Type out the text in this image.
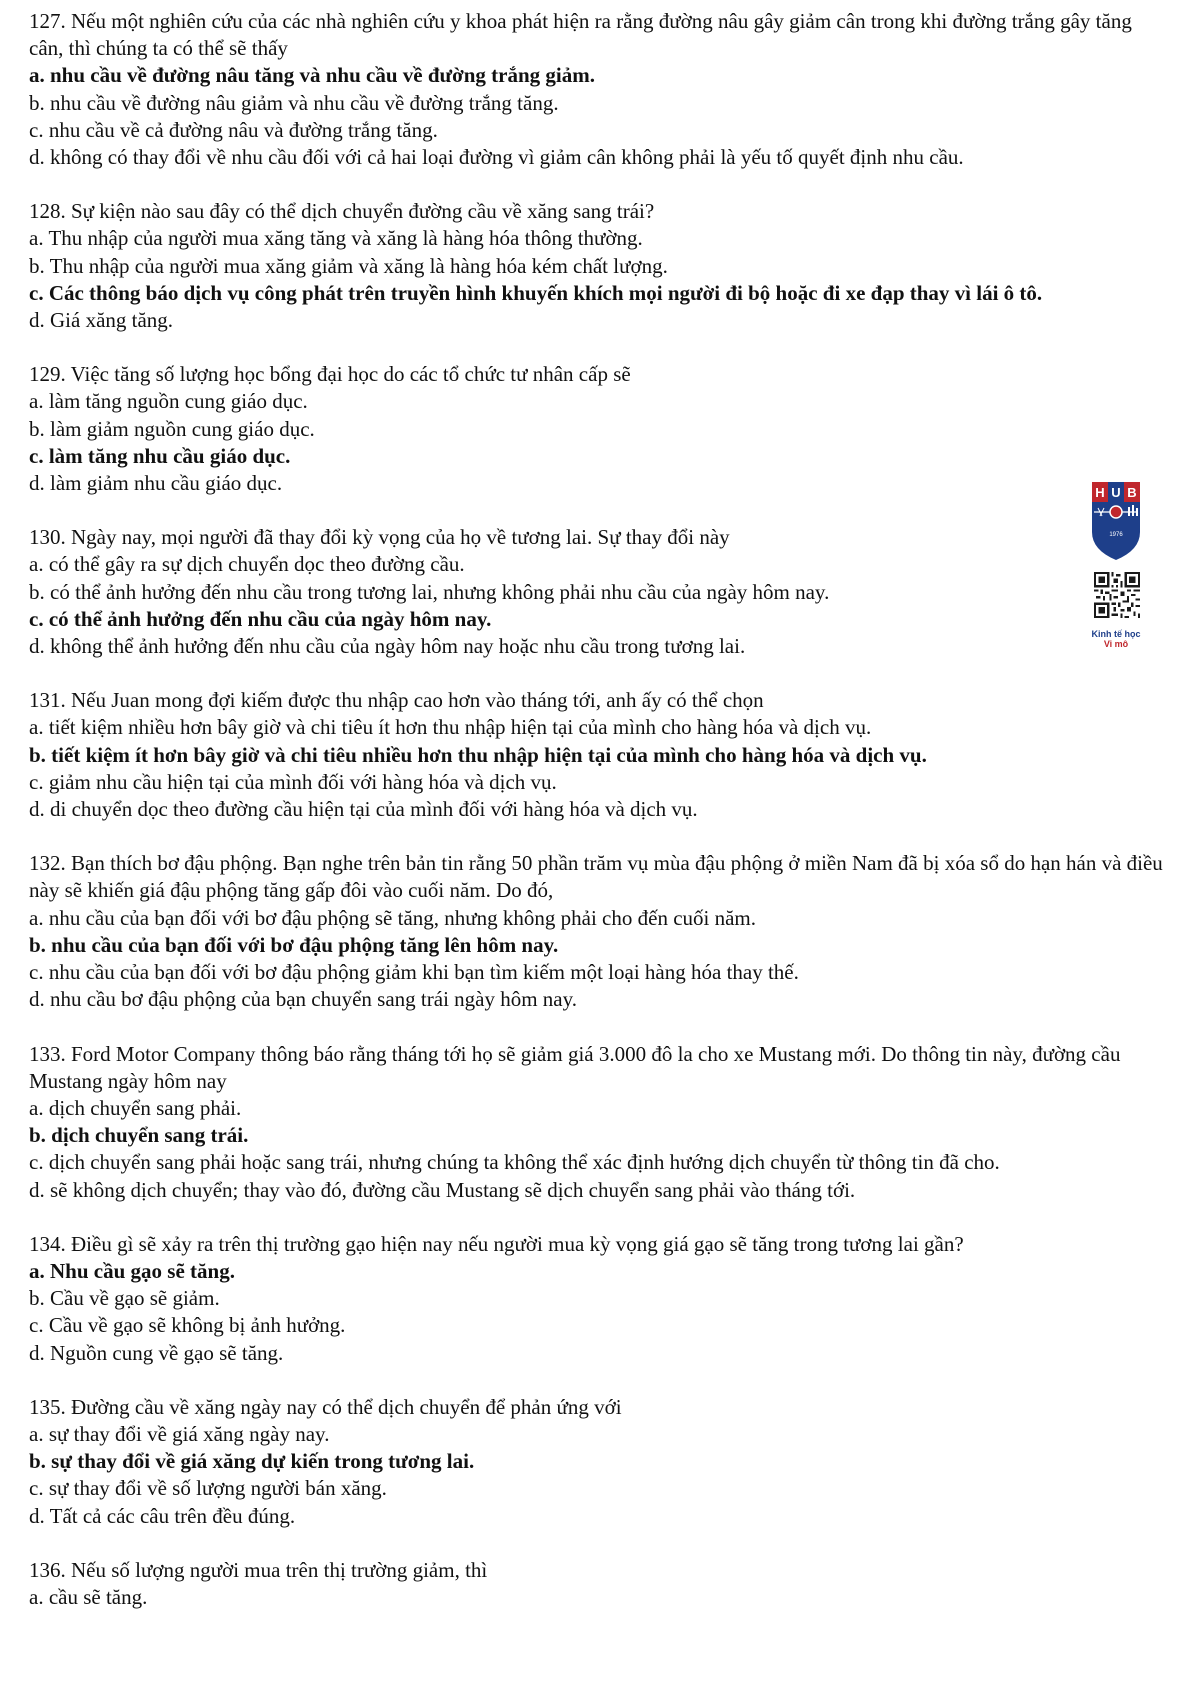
127. Nếu một nghiên cứu của các nhà nghiên cứu y khoa phát hiện ra rằng đường nâu gây giảm cân trong khi đường trắng gây tăng cân, thì chúng ta có thể sẽ thấy

a. nhu cầu về đường nâu tăng và nhu cầu về đường trắng giảm.

b. nhu cầu về đường nâu giảm và nhu cầu về đường trắng tăng.

c. nhu cầu về cả đường nâu và đường trắng tăng.

d. không có thay đổi về nhu cầu đối với cả hai loại đường vì giảm cân không phải là yếu tố quyết định nhu cầu.

128. Sự kiện nào sau đây có thể dịch chuyển đường cầu về xăng sang trái?

a. Thu nhập của người mua xăng tăng và xăng là hàng hóa thông thường.

b. Thu nhập của người mua xăng giảm và xăng là hàng hóa kém chất lượng.

c. Các thông báo dịch vụ công phát trên truyền hình khuyến khích mọi người đi bộ hoặc đi xe đạp thay vì lái ô tô.

d. Giá xăng tăng.

129. Việc tăng số lượng học bổng đại học do các tổ chức tư nhân cấp sẽ

a. làm tăng nguồn cung giáo dục.

b. làm giảm nguồn cung giáo dục.

c. làm tăng nhu cầu giáo dục.

d. làm giảm nhu cầu giáo dục.

130. Ngày nay, mọi người đã thay đổi kỳ vọng của họ về tương lai. Sự thay đổi này

a. có thể gây ra sự dịch chuyển dọc theo đường cầu.

b. có thể ảnh hưởng đến nhu cầu trong tương lai, nhưng không phải nhu cầu của ngày hôm nay.

c. có thể ảnh hưởng đến nhu cầu của ngày hôm nay.

d. không thể ảnh hưởng đến nhu cầu của ngày hôm nay hoặc nhu cầu trong tương lai.

131. Nếu Juan mong đợi kiếm được thu nhập cao hơn vào tháng tới, anh ấy có thể chọn

a. tiết kiệm nhiều hơn bây giờ và chi tiêu ít hơn thu nhập hiện tại của mình cho hàng hóa và dịch vụ.

b. tiết kiệm ít hơn bây giờ và chi tiêu nhiều hơn thu nhập hiện tại của mình cho hàng hóa và dịch vụ.

c. giảm nhu cầu hiện tại của mình đối với hàng hóa và dịch vụ.

d. di chuyển dọc theo đường cầu hiện tại của mình đối với hàng hóa và dịch vụ.

132. Bạn thích bơ đậu phộng. Bạn nghe trên bản tin rằng 50 phần trăm vụ mùa đậu phộng ở miền Nam đã bị xóa sổ do hạn hán và điều này sẽ khiến giá đậu phộng tăng gấp đôi vào cuối năm. Do đó,

a. nhu cầu của bạn đối với bơ đậu phộng sẽ tăng, nhưng không phải cho đến cuối năm.

b. nhu cầu của bạn đối với bơ đậu phộng tăng lên hôm nay.

c. nhu cầu của bạn đối với bơ đậu phộng giảm khi bạn tìm kiếm một loại hàng hóa thay thế.

d. nhu cầu bơ đậu phộng của bạn chuyển sang trái ngày hôm nay.

133. Ford Motor Company thông báo rằng tháng tới họ sẽ giảm giá 3.000 đô la cho xe Mustang mới. Do thông tin này, đường cầu Mustang ngày hôm nay

a. dịch chuyển sang phải.

b. dịch chuyển sang trái.

c. dịch chuyển sang phải hoặc sang trái, nhưng chúng ta không thể xác định hướng dịch chuyển từ thông tin đã cho.

d. sẽ không dịch chuyển; thay vào đó, đường cầu Mustang sẽ dịch chuyển sang phải vào tháng tới.

134. Điều gì sẽ xảy ra trên thị trường gạo hiện nay nếu người mua kỳ vọng giá gạo sẽ tăng trong tương lai gần?

a. Nhu cầu gạo sẽ tăng.

b. Cầu về gạo sẽ giảm.

c. Cầu về gạo sẽ không bị ảnh hưởng.

d. Nguồn cung về gạo sẽ tăng.

135. Đường cầu về xăng ngày nay có thể dịch chuyển để phản ứng với

a. sự thay đổi về giá xăng ngày nay.

b. sự thay đổi về giá xăng dự kiến trong tương lai.

c. sự thay đổi về số lượng người bán xăng.

d. Tất cả các câu trên đều đúng.

136. Nếu số lượng người mua trên thị trường giảm, thì

a. cầu sẽ tăng.

H U B
1976
Kinh tế học
Vi mô
